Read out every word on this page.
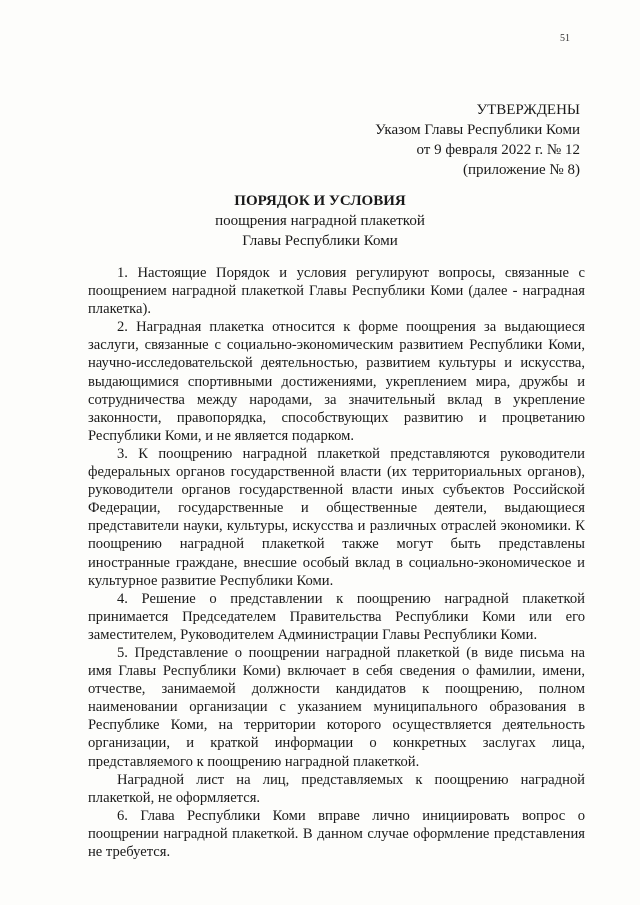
51
УТВЕРЖДЕНЫ
Указом Главы Республики Коми
от 9 февраля 2022 г. № 12
(приложение № 8)
ПОРЯДОК И УСЛОВИЯ
поощрения наградной плакеткой
Главы Республики Коми

1. Настоящие Порядок и условия регулируют вопросы, связанные с поощрением наградной плакеткой Главы Республики Коми (далее - наградная плакетка).

2. Наградная плакетка относится к форме поощрения за выдающиеся заслуги, связанные с социально-экономическим развитием Республики Коми, научно-исследовательской деятельностью, развитием культуры и искусства, выдающимися спортивными достижениями, укреплением мира, дружбы и сотрудничества между народами, за значительный вклад в укрепление законности, правопорядка, способствующих развитию и процветанию Республики Коми, и не является подарком.

3. К поощрению наградной плакеткой представляются руководители федеральных органов государственной власти (их территориальных органов), руководители органов государственной власти иных субъектов Российской Федерации, государственные и общественные деятели, выдающиеся представители науки, культуры, искусства и различных отраслей экономики. К поощрению наградной плакеткой также могут быть представлены иностранные граждане, внесшие особый вклад в социально-экономическое и культурное развитие Республики Коми.

4. Решение о представлении к поощрению наградной плакеткой принимается Председателем Правительства Республики Коми или его заместителем, Руководителем Администрации Главы Республики Коми.

5. Представление о поощрении наградной плакеткой (в виде письма на имя Главы Республики Коми) включает в себя сведения о фамилии, имени, отчестве, занимаемой должности кандидатов к поощрению, полном наименовании организации с указанием муниципального образования в Республике Коми, на территории которого осуществляется деятельность организации, и краткой информации о конкретных заслугах лица, представляемого к поощрению наградной плакеткой.

Наградной лист на лиц, представляемых к поощрению наградной плакеткой, не оформляется.

6. Глава Республики Коми вправе лично инициировать вопрос о поощрении наградной плакеткой. В данном случае оформление представления не требуется.
